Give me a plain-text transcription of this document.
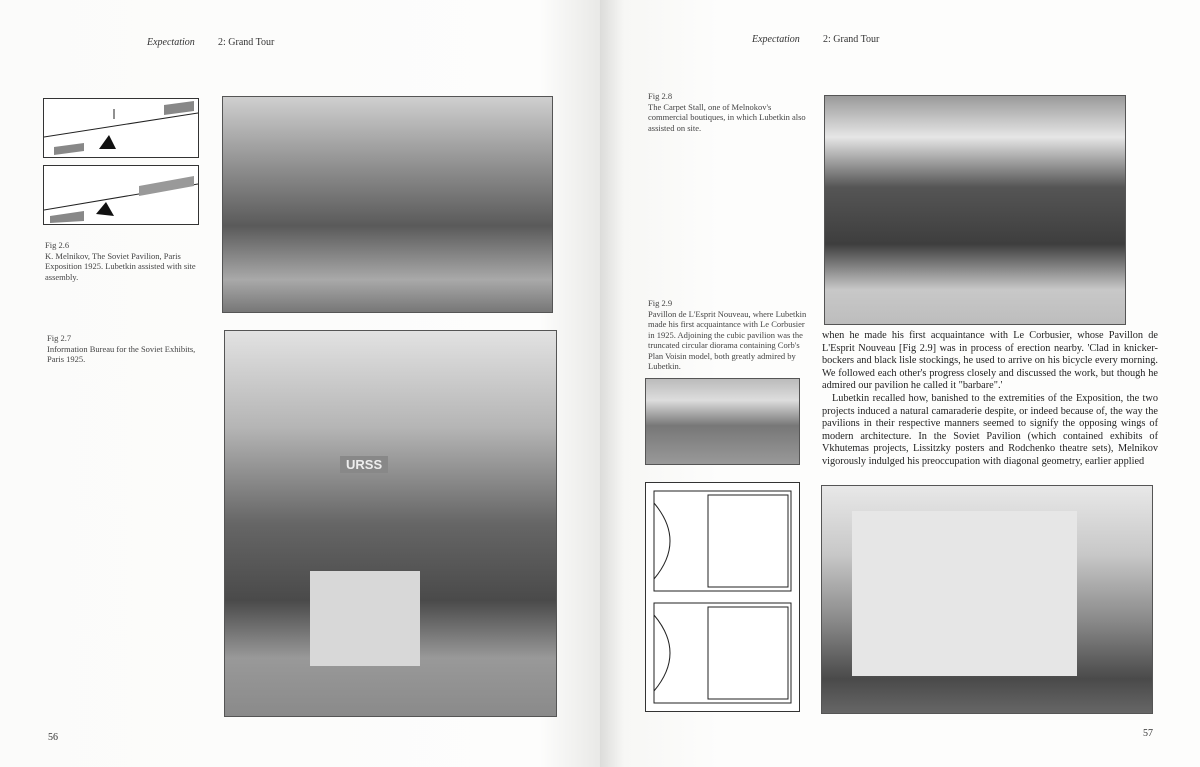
Expectation 2: Grand Tour
Fig 2.6
K. Melnikov, The Soviet Pavilion, Paris Exposition 1925. Lubetkin assisted with site assembly.
Fig 2.7
Information Bureau for the Soviet Exhibits, Paris 1925.
URSS
56
Expectation 2: Grand Tour
Fig 2.8
The Carpet Stall, one of Melnokov's commercial boutiques, in which Lubetkin also assisted on site.
Fig 2.9
Pavillon de L'Esprit Nouveau, where Lubetkin made his first acquaintance with Le Corbusier in 1925. Adjoining the cubic pavilion was the truncated circular diorama containing Corb's Plan Voisin model, both greatly admired by Lubetkin.

when he made his first acquaintance with Le Corbusier, whose Pavillon de L'Esprit Nouveau [Fig 2.9] was in process of erection nearby. 'Clad in knicker-bockers and black lisle stockings, he used to arrive on his bicycle every morning. We followed each other's progress closely and discussed the work, but though he admired our pavilion he called it "barbare".'

Lubetkin recalled how, banished to the extremities of the Exposition, the two projects induced a natural camaraderie despite, or indeed because of, the way the pavilions in their respective manners seemed to signify the opposing wings of modern architecture. In the Soviet Pavilion (which contained exhibits of Vkhutemas projects, Lissitzky posters and Rodchenko theatre sets), Melnikov vigorously indulged his preoccupation with diagonal geometry, earlier applied

57
